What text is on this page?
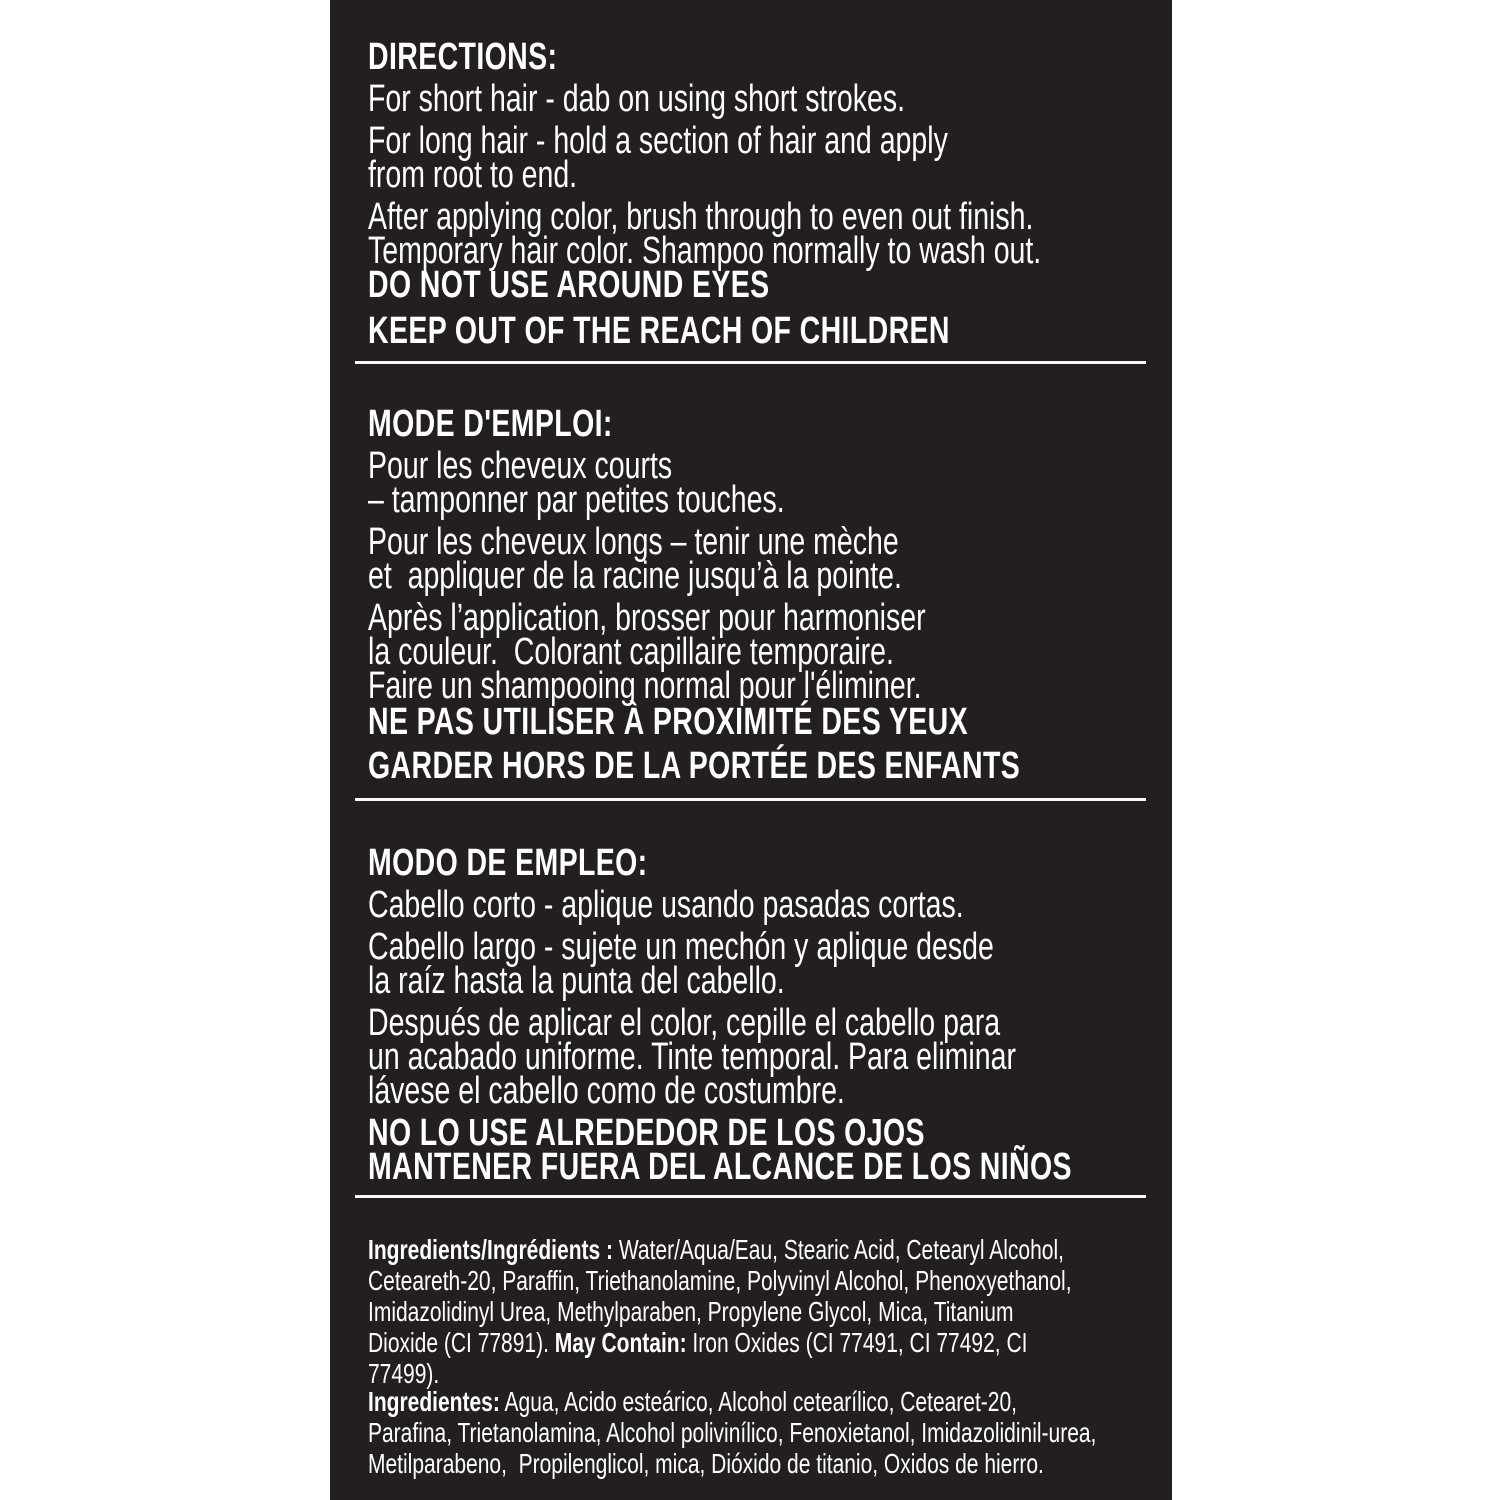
DIRECTIONS:
For short hair - dab on using short strokes.
For long hair - hold a section of hair and apply
from root to end.
After applying color, brush through to even out finish.
Temporary hair color. Shampoo normally to wash out.
DO NOT USE AROUND EYES
KEEP OUT OF THE REACH OF CHILDREN
MODE D'EMPLOI:
Pour les cheveux courts
– tamponner par petites touches.
Pour les cheveux longs – tenir une mèche
et  appliquer de la racine jusqu’à la pointe.
Après l’application, brosser pour harmoniser
la couleur.  Colorant capillaire temporaire.
Faire un shampooing normal pour l'éliminer.
NE PAS UTILISER À PROXIMITÉ DES YEUX
GARDER HORS DE LA PORTÉE DES ENFANTS
MODO DE EMPLEO:
Cabello corto - aplique usando pasadas cortas.
Cabello largo - sujete un mechón y aplique desde
la raíz hasta la punta del cabello.
Después de aplicar el color, cepille el cabello para
un acabado uniforme. Tinte temporal. Para eliminar
lávese el cabello como de costumbre.
NO LO USE ALREDEDOR DE LOS OJOS
MANTENER FUERA DEL ALCANCE DE LOS NIÑOS
Ingredients/Ingrédients : Water/Aqua/Eau, Stearic Acid, Cetearyl Alcohol,
Ceteareth-20, Paraffin, Triethanolamine, Polyvinyl Alcohol, Phenoxyethanol,
Imidazolidinyl Urea, Methylparaben, Propylene Glycol, Mica, Titanium
Dioxide (CI 77891). May Contain: Iron Oxides (CI 77491, CI 77492, CI
77499).
Ingredientes: Agua, Acido esteárico, Alcohol cetearílico, Cetearet-20,
Parafina, Trietanolamina, Alcohol polivinílico, Fenoxietanol, Imidazolidinil-urea,
Metilparabeno,  Propilenglicol, mica, Dióxido de titanio, Oxidos de hierro.
